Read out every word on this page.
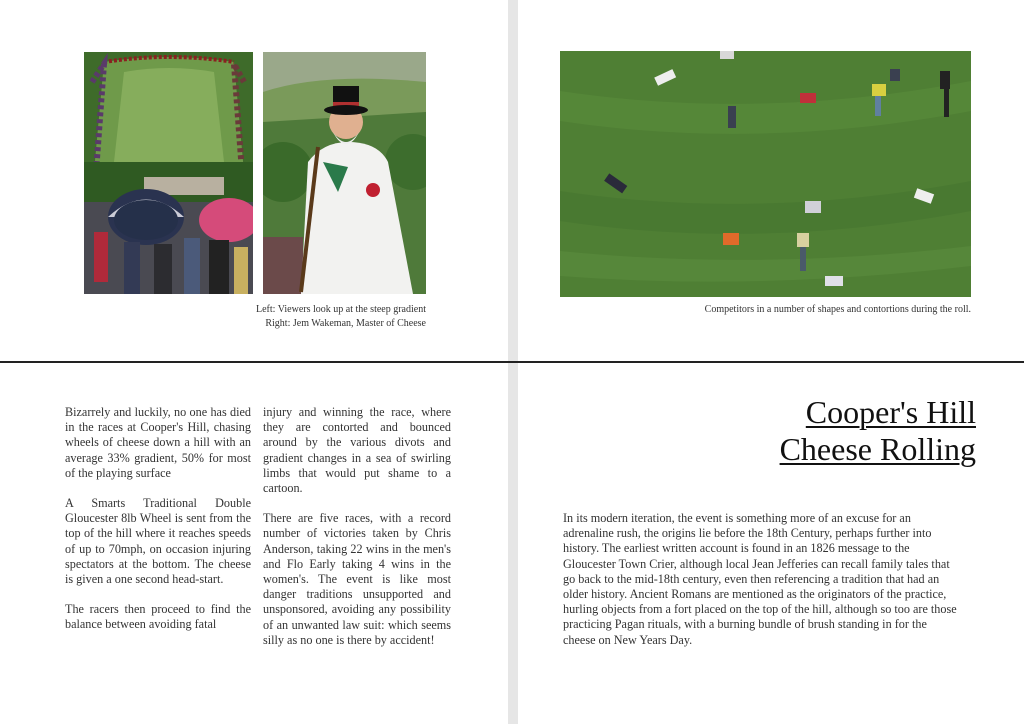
Left: Viewers look up at the steep gradient
Right: Jem Wakeman, Master of Cheese
Competitors in a number of shapes and contortions during the roll.

Bizarrely and luckily, no one has died in the races at Cooper's Hill, chasing wheels of cheese down a hill with an average 33% gradient, 50% for most of the playing surface

A Smarts Traditional Double Gloucester 8lb Wheel is sent from the top of the hill where it reaches speeds of up to 70mph, on occasion injuring spectators at the bottom. The cheese is given a one second head-start.

The racers then proceed to find the balance between avoiding fatal

injury and winning the race, where they are contorted and bounced around by the various divots and gradient changes in a sea of swirling limbs that would put shame to a cartoon.

There are five races, with a record number of victories taken by Chris Anderson, taking 22 wins in the men's and Flo Early taking 4 wins in the women's. The event is like most danger traditions unsupported and unsponsored, avoiding any possibility of an unwanted law suit: which seems silly as no one is there by accident!

Cooper's Hill
Cheese Rolling

In its modern iteration, the event is something more of an excuse for an adrenaline rush, the origins lie before the 18th Century, perhaps further into history. The earliest written account is found in an 1826 message to the Gloucester Town Crier, although local Jean Jefferies can recall family tales that go back to the mid-18th century, even then referencing a tradition that had an older history. Ancient Romans are mentioned as the originators of the practice, hurling objects from a fort placed on the top of the hill, although so too are those practicing Pagan rituals, with a burning bundle of brush standing in for the cheese on New Years Day.
